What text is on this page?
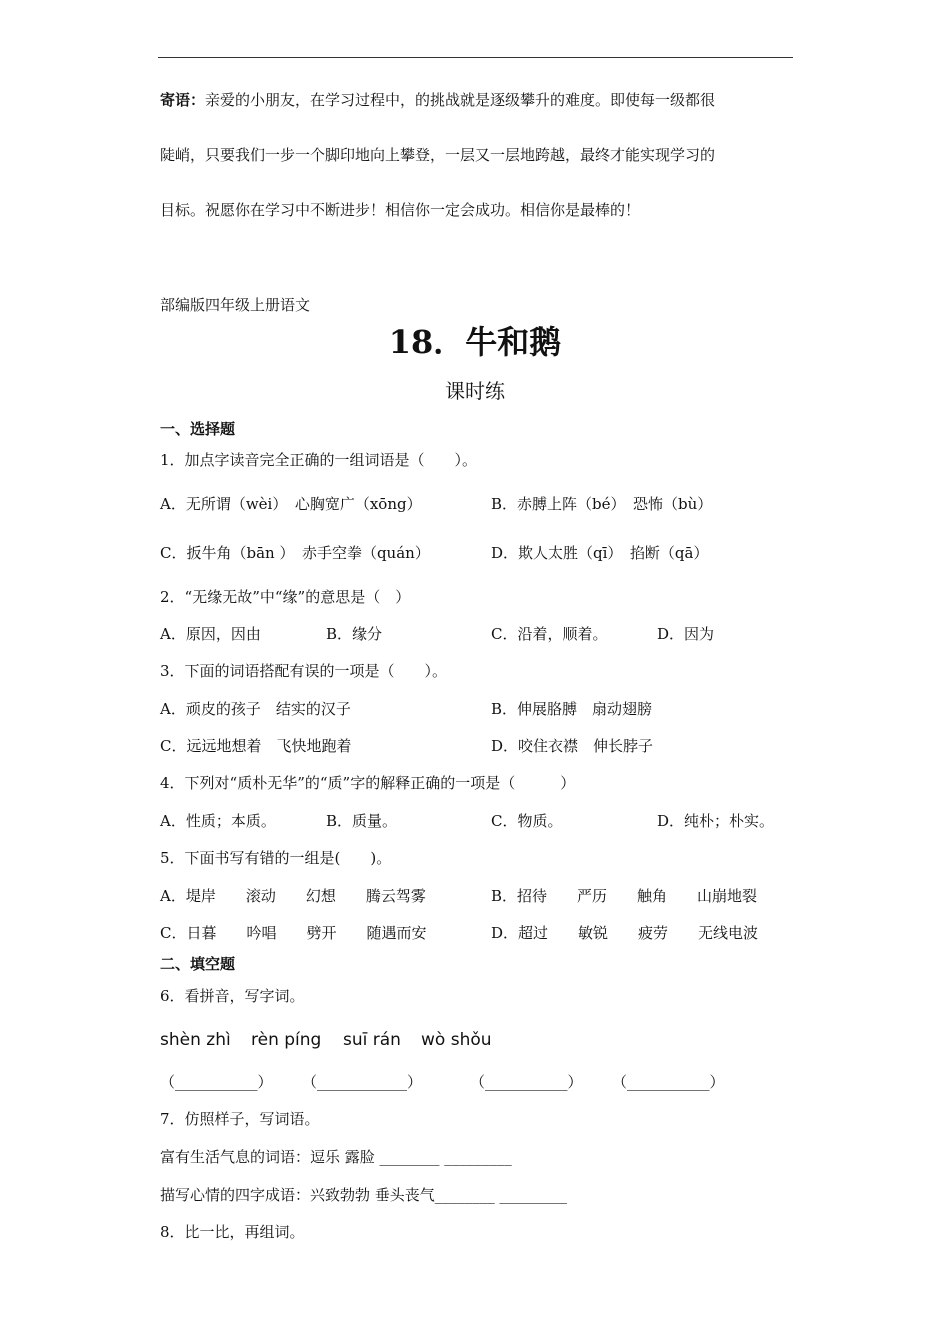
寄语：亲爱的小朋友，在学习过程中，的挑战就是逐级攀升的难度。即使每一级都很
陡峭，只要我们一步一个脚印地向上攀登，一层又一层地跨越，最终才能实现学习的
目标。祝愿你在学习中不断进步！相信你一定会成功。相信你是最棒的！
部编版四年级上册语文
18．牛和鹅
课时练
一、选择题
1．加点字读音完全正确的一组词语是（　　）。
A．无所谓（wèi）　心胸宽广（xōng）	B．赤膊上阵（bé）　恐怖（bù）
C．扳牛角（bān ）　赤手空拳（quán）	D．欺人太胜（qī）　掐断（qā）
2．“无缘无故”中“缘”的意思是（　）
A．原因，因由	B．缘分	C．沿着，顺着。	D．因为
3．下面的词语搭配有误的一项是（　　）。
A．顽皮的孩子　结实的汉子	B．伸展胳膊　扇动翅膀
C．远远地想着　飞快地跑着	D．咬住衣襟　伸长脖子
4．下列对“质朴无华”的“质”字的解释正确的一项是（　　　）
A．性质；本质。	B．质量。	C．物质。	D．纯朴；朴实。
5．下面书写有错的一组是(　　)。
A．堤岸　　滚动　　幻想　　腾云驾雾	B．招待　　严历　　触角　　山崩地裂
C．日暮　　吟唱　　劈开　　随遇而安	D．超过　　敏锐　　疲劳　　无线电波
二、填空题
6．看拼音，写字词。
shèn zhì rèn píng suī rán wò shǒu
（___________） （____________）	（___________） （___________）
7．仿照样子，写词语。
富有生活气息的词语：逗乐 露脸 ________ _________
描写心情的四字成语：兴致勃勃 垂头丧气________ _________
8．比一比，再组词。
